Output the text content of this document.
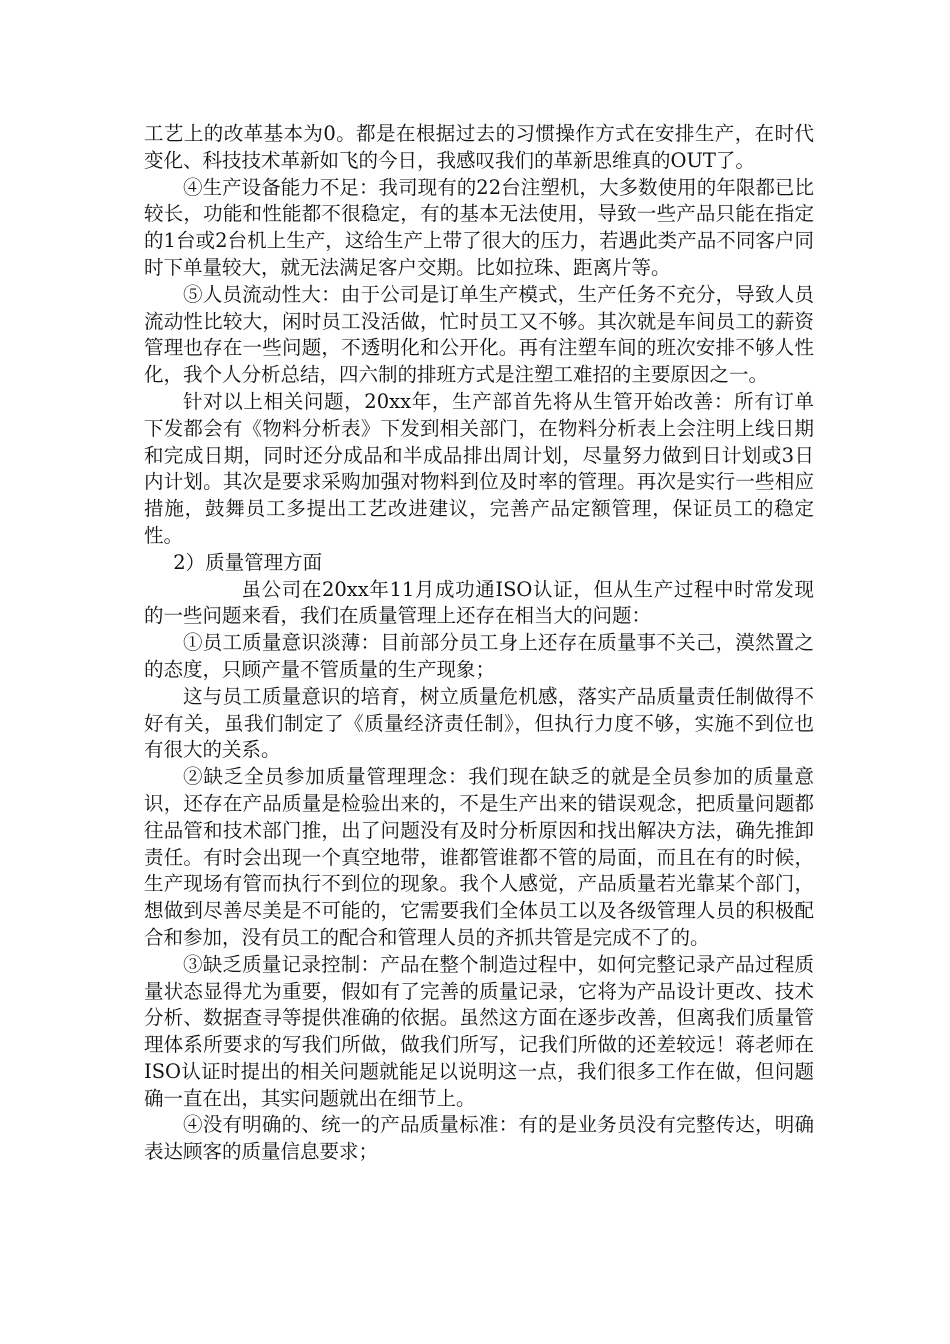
工艺上的改革基本为0。都是在根据过去的习惯操作方式在安排生产，在时代变化、科技技术革新如飞的今日，我感叹我们的革新思维真的OUT了。

④生产设备能力不足：我司现有的22台注塑机，大多数使用的年限都已比较长，功能和性能都不很稳定，有的基本无法使用，导致一些产品只能在指定的1台或2台机上生产，这给生产上带了很大的压力，若遇此类产品不同客户同时下单量较大，就无法满足客户交期。比如拉珠、距离片等。

⑤人员流动性大：由于公司是订单生产模式，生产任务不充分，导致人员流动性比较大，闲时员工没活做，忙时员工又不够。其次就是车间员工的薪资管理也存在一些问题，不透明化和公开化。再有注塑车间的班次安排不够人性化，我个人分析总结，四六制的排班方式是注塑工难招的主要原因之一。

针对以上相关问题，20xx年，生产部首先将从生管开始改善：所有订单下发都会有《物料分析表》下发到相关部门，在物料分析表上会注明上线日期和完成日期，同时还分成品和半成品排出周计划，尽量努力做到日计划或3日内计划。其次是要求采购加强对物料到位及时率的管理。再次是实行一些相应措施，鼓舞员工多提出工艺改进建议，完善产品定额管理，保证员工的稳定性。

2）质量管理方面

虽公司在20xx年11月成功通ISO认证，但从生产过程中时常发现的一些问题来看，我们在质量管理上还存在相当大的问题：

①员工质量意识淡薄：目前部分员工身上还存在质量事不关己，漠然置之的态度，只顾产量不管质量的生产现象；

这与员工质量意识的培育，树立质量危机感，落实产品质量责任制做得不好有关，虽我们制定了《质量经济责任制》，但执行力度不够，实施不到位也有很大的关系。

②缺乏全员参加质量管理理念：我们现在缺乏的就是全员参加的质量意识，还存在产品质量是检验出来的，不是生产出来的错误观念，把质量问题都往品管和技术部门推，出了问题没有及时分析原因和找出解决方法，确先推卸责任。有时会出现一个真空地带，谁都管谁都不管的局面，而且在有的时候，生产现场有管而执行不到位的现象。我个人感觉，产品质量若光靠某个部门，想做到尽善尽美是不可能的，它需要我们全体员工以及各级管理人员的积极配合和参加，没有员工的配合和管理人员的齐抓共管是完成不了的。

③缺乏质量记录控制：产品在整个制造过程中，如何完整记录产品过程质量状态显得尤为重要，假如有了完善的质量记录，它将为产品设计更改、技术分析、数据查寻等提供准确的依据。虽然这方面在逐步改善，但离我们质量管理体系所要求的写我们所做，做我们所写，记我们所做的还差较远！蒋老师在ISO认证时提出的相关问题就能足以说明这一点，我们很多工作在做，但问题确一直在出，其实问题就出在细节上。

④没有明确的、统一的产品质量标准：有的是业务员没有完整传达，明确表达顾客的质量信息要求；
